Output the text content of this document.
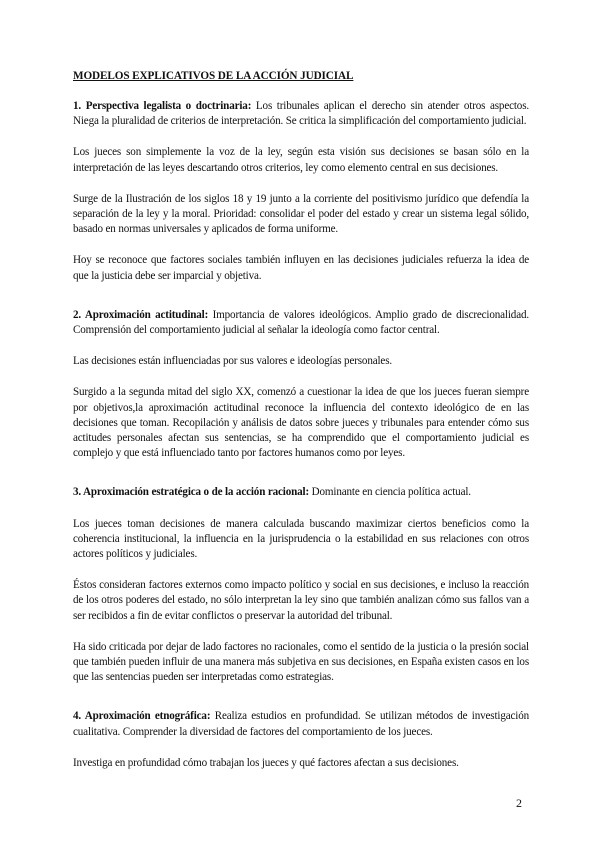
MODELOS EXPLICATIVOS DE LA ACCIÓN JUDICIAL

1. Perspectiva legalista o doctrinaria: Los tribunales aplican el derecho sin atender otros aspectos. Niega la pluralidad de criterios de interpretación. Se critica la simplificación del comportamiento judicial.

Los jueces son simplemente la voz de la ley, según esta visión sus decisiones se basan sólo en la interpretación de las leyes descartando otros criterios, ley como elemento central en sus decisiones.

Surge de la Ilustración de los siglos 18 y 19 junto a la corriente del positivismo jurídico que defendía la separación de la ley y la moral. Prioridad: consolidar el poder del estado y crear un sistema legal sólido, basado en normas universales y aplicados de forma uniforme.

Hoy se reconoce que factores sociales también influyen en las decisiones judiciales refuerza la idea de que la justicia debe ser imparcial y objetiva.

2. Aproximación actitudinal: Importancia de valores ideológicos. Amplio grado de discrecionalidad. Comprensión del comportamiento judicial al señalar la ideología como factor central.

Las decisiones están influenciadas por sus valores e ideologías personales.

Surgido a la segunda mitad del siglo XX, comenzó a cuestionar la idea de que los jueces fueran siempre por objetivos,la aproximación actitudinal reconoce la influencia del contexto ideológico de en las decisiones que toman. Recopilación y análisis de datos sobre jueces y tribunales para entender cómo sus actitudes personales afectan sus sentencias, se ha comprendido que el comportamiento judicial es complejo y que está influenciado tanto por factores humanos como por leyes.

3. Aproximación estratégica o de la acción racional: Dominante en ciencia política actual.

Los jueces toman decisiones de manera calculada buscando maximizar ciertos beneficios como la coherencia institucional, la influencia en la jurisprudencia o la estabilidad en sus relaciones con otros actores políticos y judiciales.

Éstos consideran factores externos como impacto político y social en sus decisiones, e incluso la reacción de los otros poderes del estado, no sólo interpretan la ley sino que también analizan cómo sus fallos van a ser recibidos a fin de evitar conflictos o preservar la autoridad del tribunal.

Ha sido criticada por dejar de lado factores no racionales, como el sentido de la justicia o la presión social que también pueden influir de una manera más subjetiva en sus decisiones, en España existen casos en los que las sentencias pueden ser interpretadas como estrategias.

4. Aproximación etnográfica: Realiza estudios en profundidad. Se utilizan métodos de investigación cualitativa. Comprender la diversidad de factores del comportamiento de los jueces.

Investiga en profundidad cómo trabajan los jueces y qué factores afectan a sus decisiones.

2
